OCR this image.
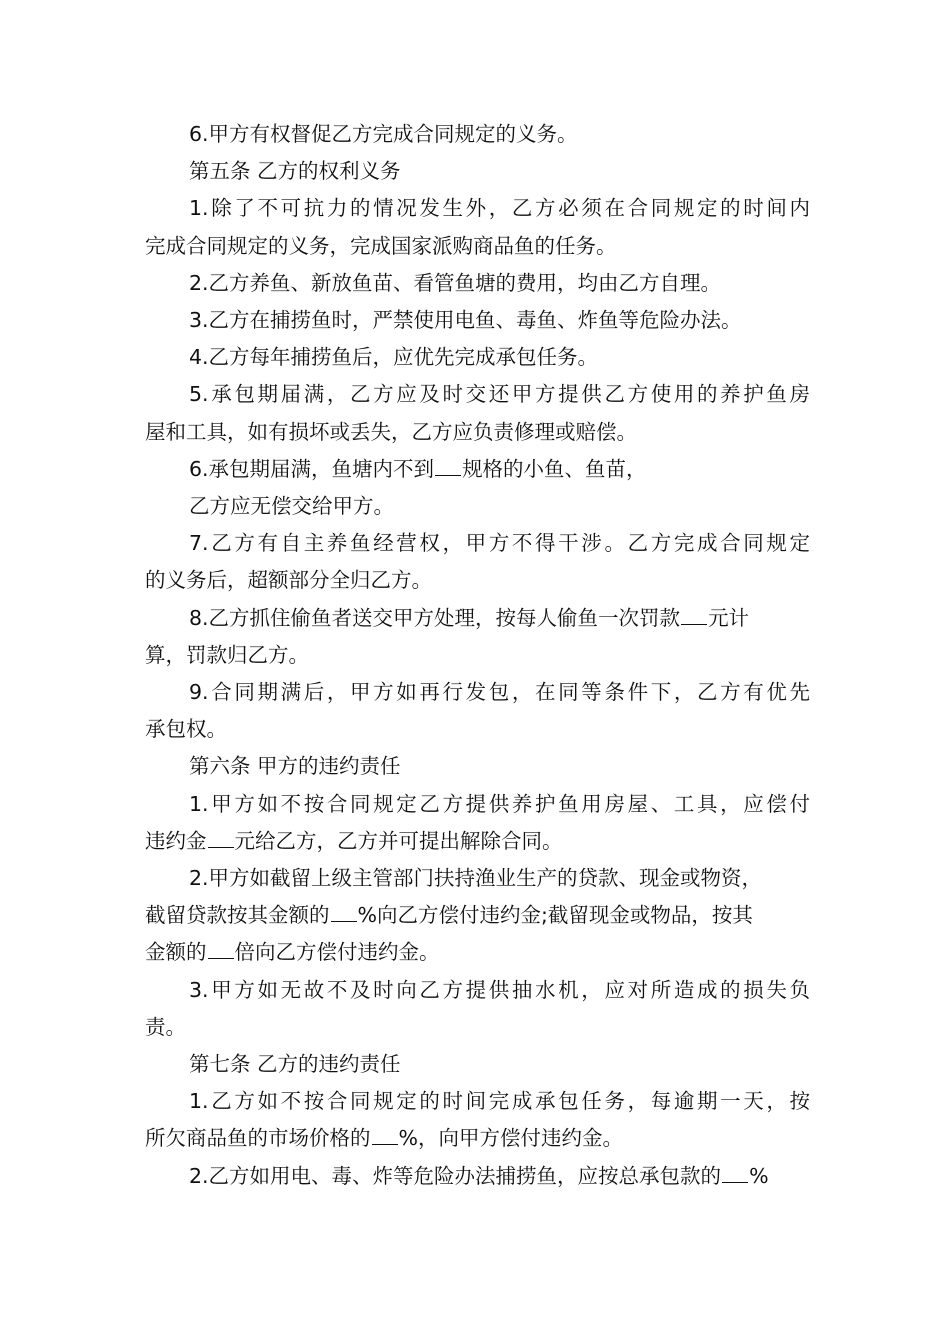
6.甲方有权督促乙方完成合同规定的义务。

第五条 乙方的权利义务

1.除了不可抗力的情况发生外，乙方必须在合同规定的时间内

完成合同规定的义务，完成国家派购商品鱼的任务。

2.乙方养鱼、新放鱼苗、看管鱼塘的费用，均由乙方自理。

3.乙方在捕捞鱼时，严禁使用电鱼、毒鱼、炸鱼等危险办法。

4.乙方每年捕捞鱼后，应优先完成承包任务。

5.承包期届满，乙方应及时交还甲方提供乙方使用的养护鱼房

屋和工具，如有损坏或丢失，乙方应负责修理或赔偿。

6.承包期届满，鱼塘内不到 规格的小鱼、鱼苗，

乙方应无偿交给甲方。

7.乙方有自主养鱼经营权，甲方不得干涉。乙方完成合同规定

的义务后，超额部分全归乙方。

8.乙方抓住偷鱼者送交甲方处理，按每人偷鱼一次罚款 元计

算，罚款归乙方。

9.合同期满后，甲方如再行发包，在同等条件下，乙方有优先

承包权。

第六条 甲方的违约责任

1.甲方如不按合同规定乙方提供养护鱼用房屋、工具，应偿付

违约金 元给乙方，乙方并可提出解除合同。

2.甲方如截留上级主管部门扶持渔业生产的贷款、现金或物资，

截留贷款按其金额的 %向乙方偿付违约金;截留现金或物品，按其

金额的 倍向乙方偿付违约金。

3.甲方如无故不及时向乙方提供抽水机，应对所造成的损失负

责。

第七条 乙方的违约责任

1.乙方如不按合同规定的时间完成承包任务，每逾期一天，按

所欠商品鱼的市场价格的 %，向甲方偿付违约金。

2.乙方如用电、毒、炸等危险办法捕捞鱼，应按总承包款的 %
